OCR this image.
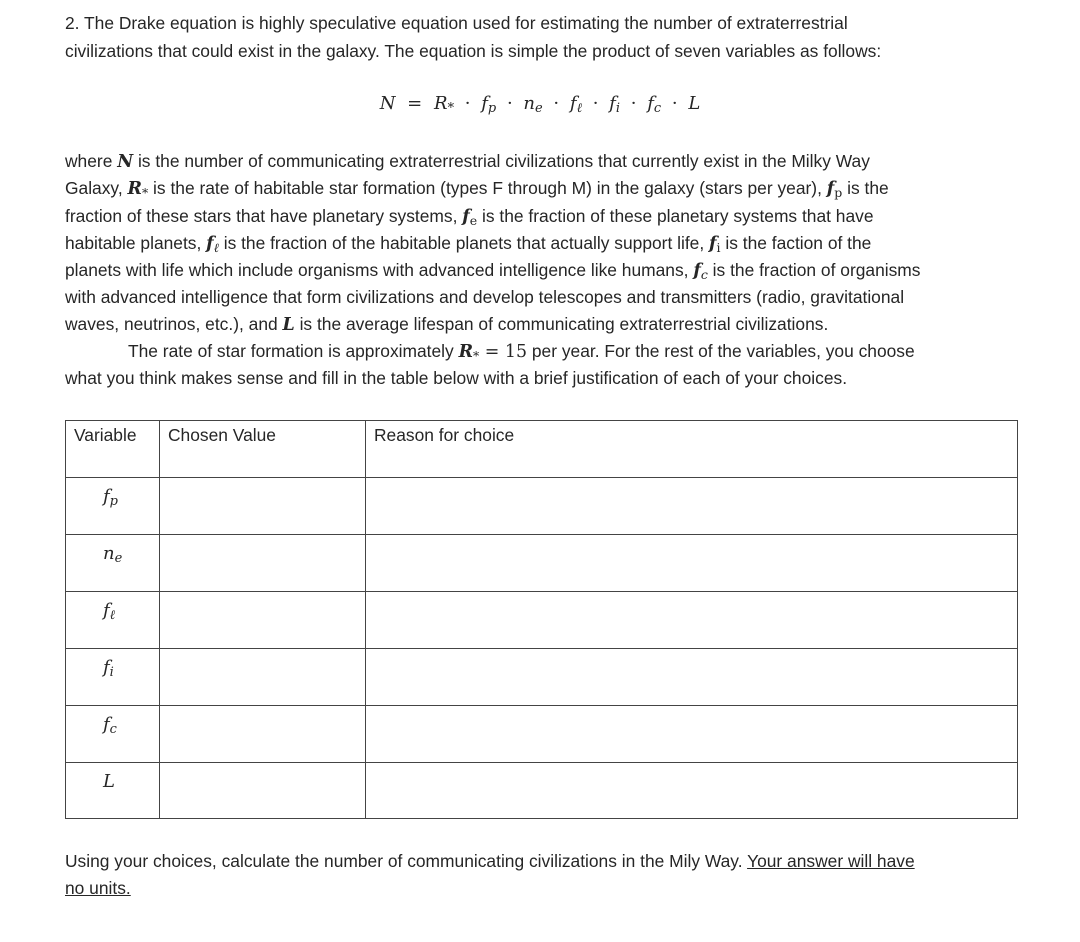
2. The Drake equation is highly speculative equation used for estimating the number of extraterrestrial
civilizations that could exist in the galaxy. The equation is simple the product of seven variables as follows:
$N = R_* \cdot f_p \cdot n_e \cdot f_\ell \cdot f_i \cdot f_c \cdot L$
where N is the number of communicating extraterrestrial civilizations that currently exist in the Milky Way
Galaxy, $R_*$ is the rate of habitable star formation (types F through M) in the galaxy (stars per year), $f_p$ is the
fraction of these stars that have planetary systems, $f_e$ is the fraction of these planetary systems that have
habitable planets, $f_\ell$ is the fraction of the habitable planets that actually support life, $f_i$ is the faction of the
planets with life which include organisms with advanced intelligence like humans, $f_c$ is the fraction of organisms
with advanced intelligence that form civilizations and develop telescopes and transmitters (radio, gravitational
waves, neutrinos, etc.), and L is the average lifespan of communicating extraterrestrial civilizations.
The rate of star formation is approximately $R_* = 15$ per year. For the rest of the variables, you choose
what you think makes sense and fill in the table below with a brief justification of each of your choices.
Variable	Chosen Value	Reason for choice
$f_p$		
$n_e$		
$f_\ell$		
$f_i$		
$f_c$		
L		
Using your choices, calculate the number of communicating civilizations in the Mily Way. Your answer will have
no units.
